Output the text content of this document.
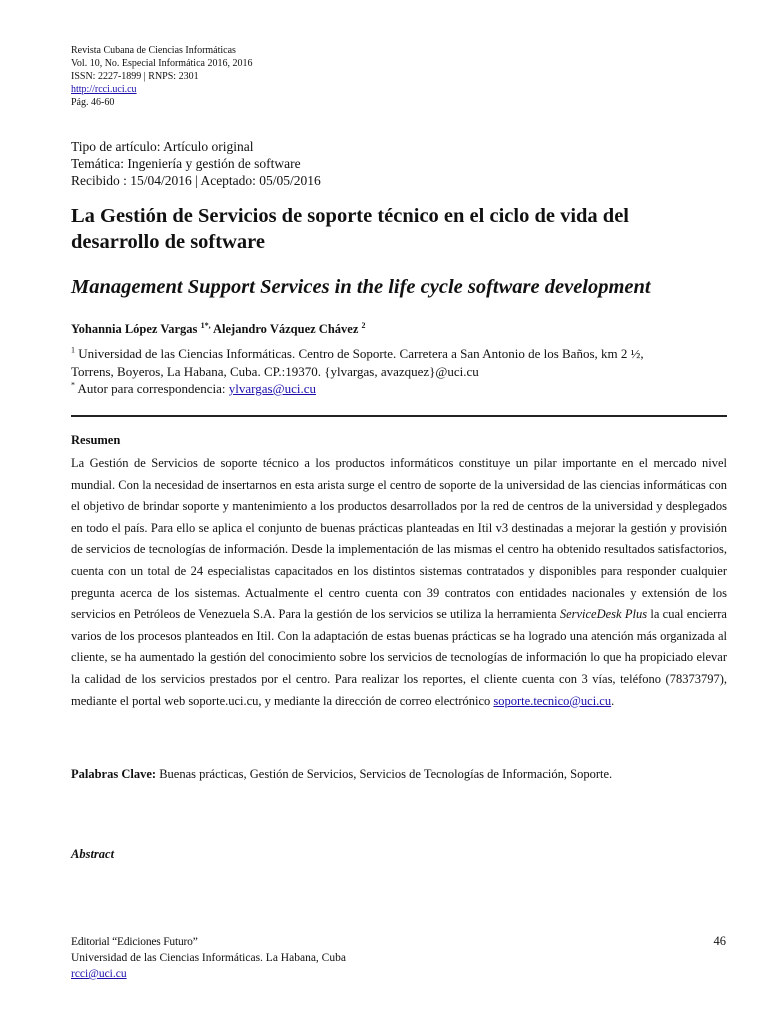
Revista Cubana de Ciencias Informáticas
Vol. 10, No. Especial Informática 2016, 2016
ISSN: 2227-1899 | RNPS: 2301
http://rcci.uci.cu
Pág. 46-60
Tipo de artículo: Artículo original
Temática: Ingeniería y gestión de software
Recibido : 15/04/2016 | Aceptado: 05/05/2016
La Gestión de Servicios de soporte técnico en el ciclo de vida del desarrollo de software
Management Support Services in the life cycle software development
Yohannia López Vargas $^{1*,}$ Alejandro Vázquez Chávez $^2$
$^1$ Universidad de las Ciencias Informáticas. Centro de Soporte. Carretera a San Antonio de los Baños, km 2 ½,
Torrens, Boyeros, La Habana, Cuba. CP.:19370. {ylvargas, avazquez}@uci.cu
* Autor para correspondencia: ylvargas@uci.cu
Resumen
La Gestión de Servicios de soporte técnico a los productos informáticos constituye un pilar importante en el mercado nivel mundial. Con la necesidad de insertarnos en esta arista surge el centro de soporte de la universidad de las ciencias informáticas con el objetivo de brindar soporte y mantenimiento a los productos desarrollados por la red de centros de la universidad y desplegados en todo el país. Para ello se aplica el conjunto de buenas prácticas planteadas en Itil v3 destinadas a mejorar la gestión y provisión de servicios de tecnologías de información. Desde la implementación de las mismas el centro ha obtenido resultados satisfactorios, cuenta con un total de 24 especialistas capacitados en los distintos sistemas contratados y disponibles para responder cualquier pregunta acerca de los sistemas. Actualmente el centro cuenta con 39 contratos con entidades nacionales y extensión de los servicios en Petróleos de Venezuela S.A. Para la gestión de los servicios se utiliza la herramienta ServiceDesk Plus la cual encierra varios de los procesos planteados en Itil. Con la adaptación de estas buenas prácticas se ha logrado una atención más organizada al cliente, se ha aumentado la gestión del conocimiento sobre los servicios de tecnologías de información lo que ha propiciado elevar la calidad de los servicios prestados por el centro. Para realizar los reportes, el cliente cuenta con 3 vías, teléfono (78373797), mediante el portal web soporte.uci.cu, y mediante la dirección de correo electrónico soporte.tecnico@uci.cu.
Palabras Clave: Buenas prácticas, Gestión de Servicios, Servicios de Tecnologías de Información, Soporte.
Abstract
Editorial “Ediciones Futuro”
Universidad de las Ciencias Informáticas. La Habana, Cuba
rcci@uci.cu
46
